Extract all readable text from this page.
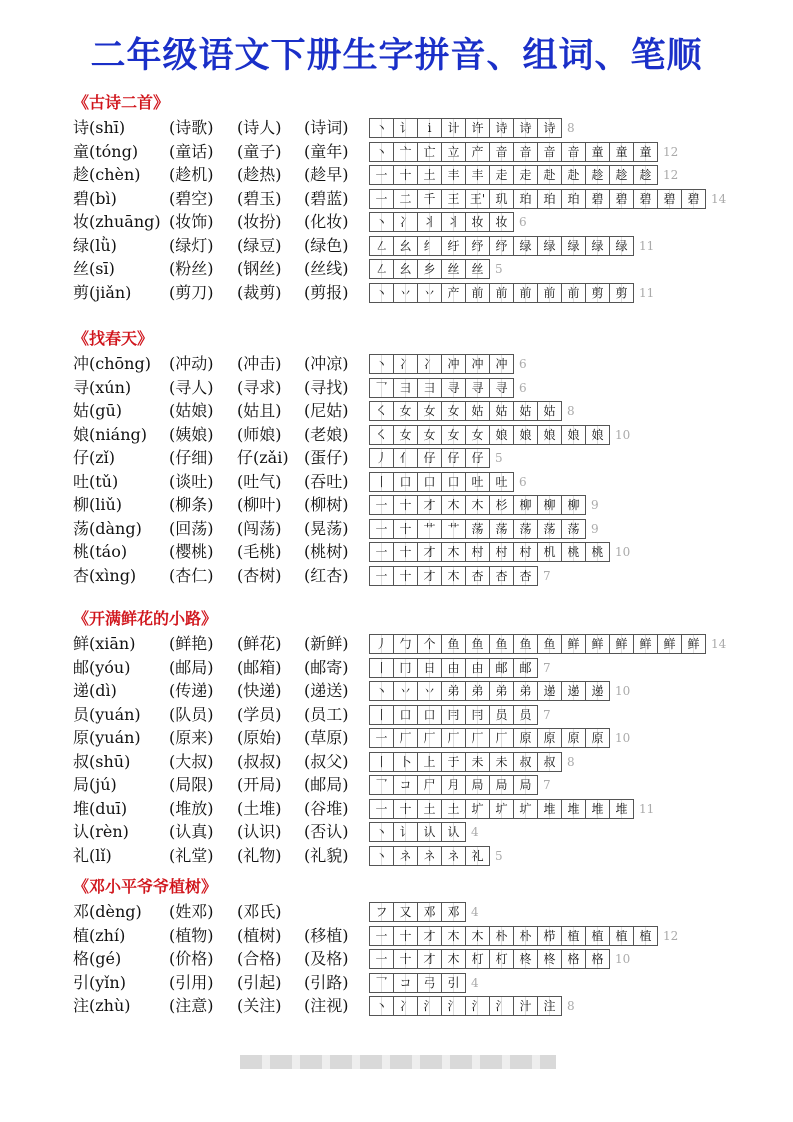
二年级语文下册生字拼音、组词、笔顺
《古诗二首》
诗(shī)	(诗歌) (诗人) (诗词)	丶 讠	i	计 许 诗 诗 诗 8
童(tóng) (童话) (童子) (童年)	丶 亠 亡 立 产 音 音 音 音 童 童 童 12
趁(chèn) (趁机) (趁热) (趁早)	一 十 土 丰 丰 走 走 赴 赴 趁 趁 趁 12
碧(bì)	(碧空) (碧玉) (碧蓝)	一 二 千 王 王' 玑 珀 珀 珀 碧 碧 碧 碧 碧 14
妆(zhuāng) (妆饰) (妆扮) (化妆)	丶 冫 丬 丬 妆 妆 6
绿(lǜ)	(绿灯) (绿豆) (绿色)	㇜ 幺 纟 纡 纾 纾 绿 绿 绿 绿 绿 11
丝(sī)	(粉丝) (钢丝) (丝线)	㇜ 幺 乡 丝 丝 5
剪(jiǎn) (剪刀) (裁剪) (剪报)	丶 丷 丷 产 前 前 前 前 前 剪 剪 11
《找春天》
冲(chōng) (冲动) (冲击) (冲凉)	丶 冫 冫 冲 冲 冲 6
寻(xún) (寻人) (寻求) (寻找)	乛 彐 彐 寻 寻 寻 6
姑(gū)	(姑娘) (姑且) (尼姑)	㇛ 女 女 女 姑 姑 姑 姑 8
娘(niáng) (姨娘) (师娘) (老娘)	㇛ 女 女 女 女 娘 娘 娘 娘 娘 10
仔(zǐ)	(仔细) 仔(zǎi) (蛋仔)	丿 亻 仔 仔 仔 5
吐(tǔ)	(谈吐) (吐气) (吞吐)	丨 口 口 口 吐 吐 6
柳(liǔ)	(柳条) (柳叶) (柳树)	一 十 才 木 木 杉 柳 柳 柳 9
荡(dàng) (回荡) (闯荡) (晃荡)	一 十 艹 艹 荡 荡 荡 荡 荡 9
桃(táo)	(樱桃) (毛桃) (桃树)	一 十 才 木 村 村 村 机 桃 桃 10
杏(xìng) (杏仁) (杏树) (红杏)	一 十 才 木 杏 杏 杏 7
《开满鲜花的小路》
鲜(xiān) (鲜艳) (鲜花) (新鲜)	丿 勹 个 鱼 鱼 鱼 鱼 鱼 鲜 鲜 鲜 鲜 鲜 鲜 14
邮(yóu) (邮局) (邮箱) (邮寄)	丨 冂 日 由 由 邮 邮 7
递(dì)	(传递) (快递) (递送)	丶 丷 丷 弟 弟 弟 弟 递 递 递 10
员(yuán) (队员) (学员) (员工)	丨 口 口 冃 冃 员 员 7
原(yuán) (原来) (原始) (草原)	一 厂 厂 厂 厂 厂 原 原 原 原 10
叔(shū) (大叔) (叔叔) (叔父)	丨 卜 上 于 未 未 叔 叔 8
局(jú)	(局限) (开局) (邮局)	乛 コ 尸 月 局 局 局 7
堆(duī)	(堆放) (土堆) (谷堆)	一 十 土 土 圹 圹 圹 堆 堆 堆 堆 11
认(rèn)	(认真) (认识) (否认)	丶 讠 认 认 4
礼(lǐ)	(礼堂) (礼物) (礼貌)	丶 ネ ネ ネ 礼 5
《邓小平爷爷植树》
邓(dèng) (姓邓) (邓氏)	フ 又 邓 邓 4
植(zhí)	(植物) (植树) (移植)	一 十 才 木 木 朴 朴 栉 植 植 植 植 12
格(gé)	(价格) (合格) (及格)	一 十 才 木 朾 朾 柊 柊 格 格 10
引(yǐn)	(引用) (引起) (引路)	乛 コ 弓 引 4
注(zhù) (注意) (关注) (注视)	丶 冫 氵 氵 氵 氵 汁 注 8
